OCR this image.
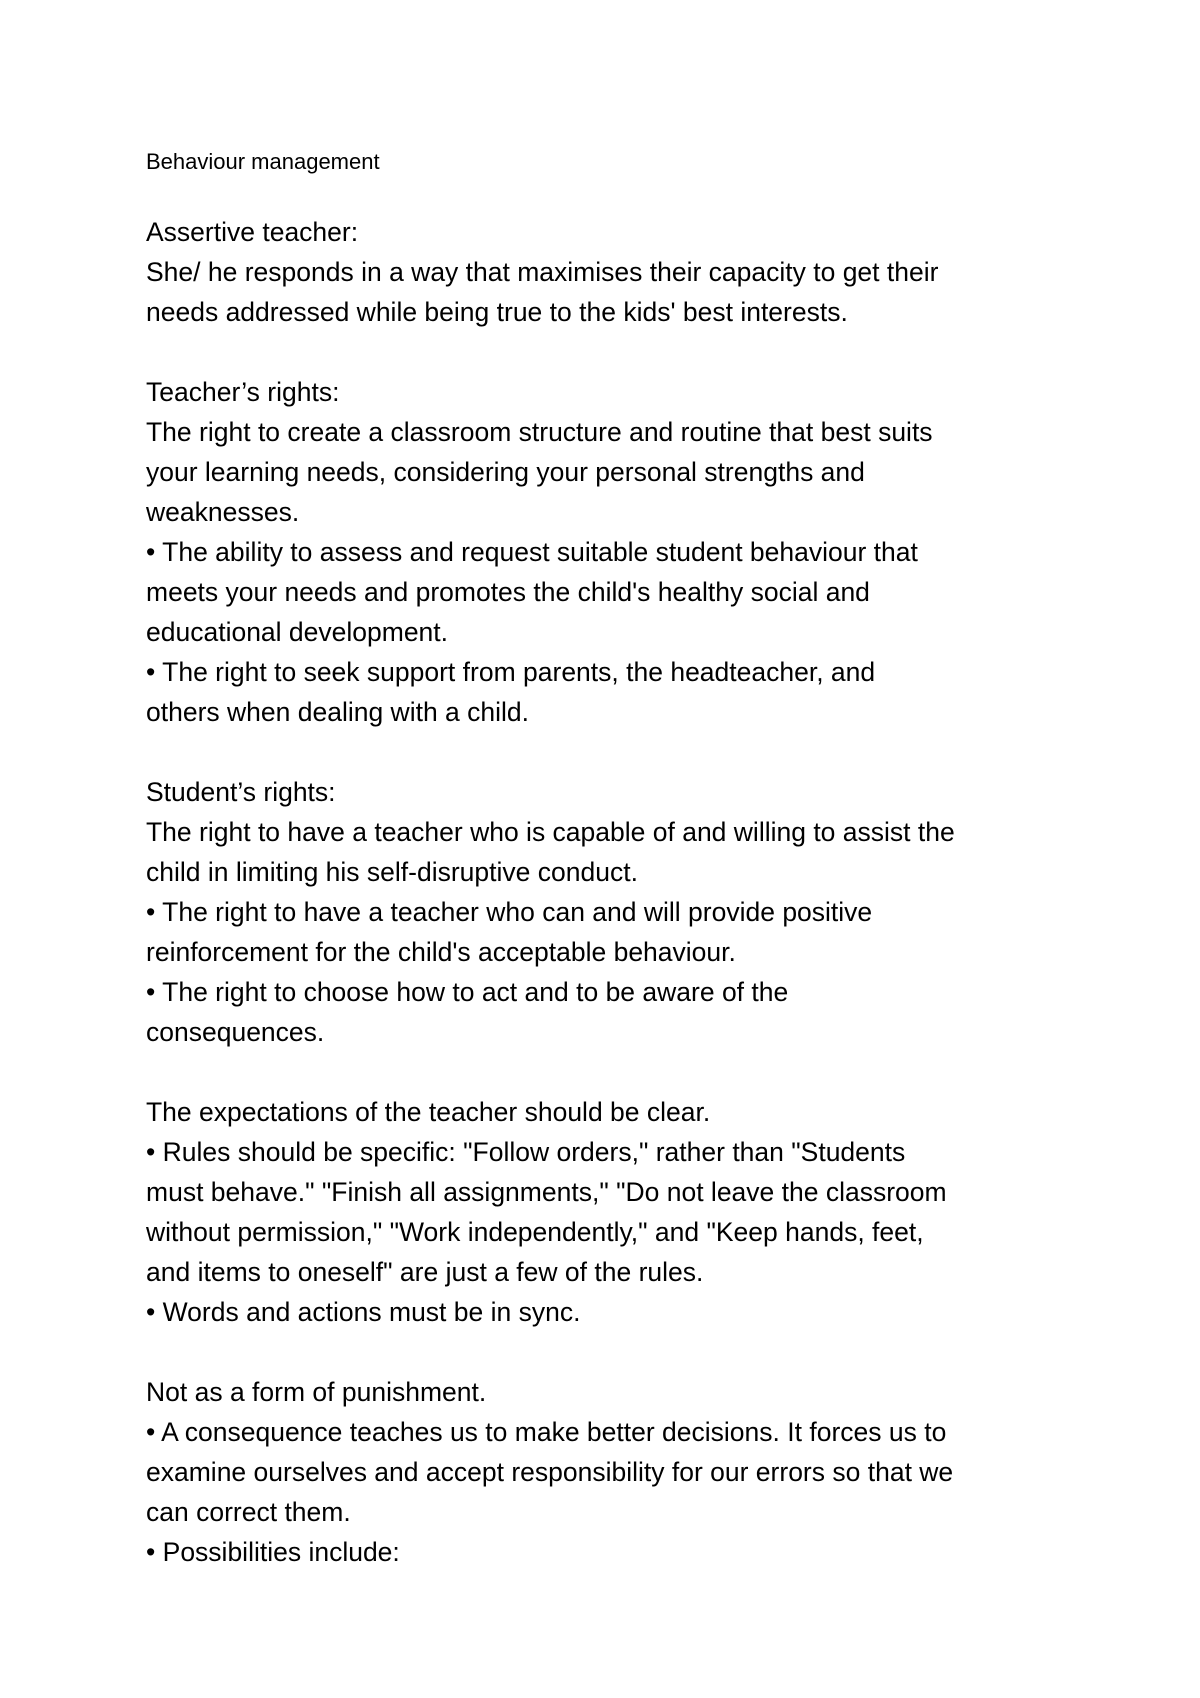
Behaviour management
Assertive teacher:
She/ he responds in a way that maximises their capacity to get their
needs addressed while being true to the kids' best interests.
Teacher’s rights:
The right to create a classroom structure and routine that best suits
your learning needs, considering your personal strengths and
weaknesses.
• The ability to assess and request suitable student behaviour that
meets your needs and promotes the child's healthy social and
educational development.
• The right to seek support from parents, the headteacher, and
others when dealing with a child.
Student’s rights:
The right to have a teacher who is capable of and willing to assist the
child in limiting his self-disruptive conduct.
• The right to have a teacher who can and will provide positive
reinforcement for the child's acceptable behaviour.
• The right to choose how to act and to be aware of the
consequences.
The expectations of the teacher should be clear.
• Rules should be specific: "Follow orders," rather than "Students
must behave." "Finish all assignments," "Do not leave the classroom
without permission," "Work independently," and "Keep hands, feet,
and items to oneself" are just a few of the rules.
• Words and actions must be in sync.
Not as a form of punishment.
• A consequence teaches us to make better decisions. It forces us to
examine ourselves and accept responsibility for our errors so that we
can correct them.
• Possibilities include:
